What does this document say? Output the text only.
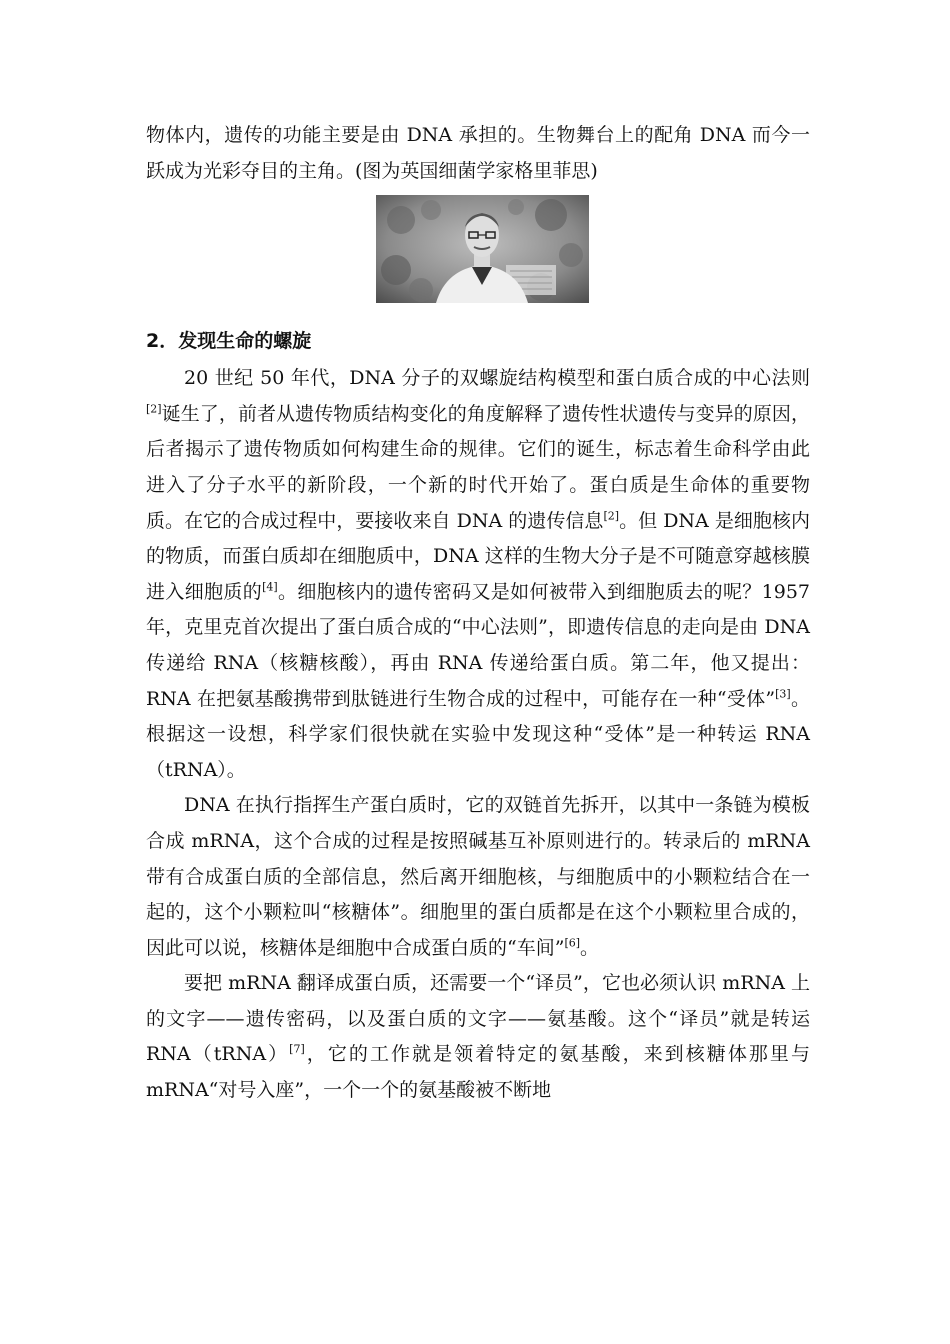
物体内，遗传的功能主要是由 DNA 承担的。生物舞台上的配角 DNA 而今一跃成为光彩夺目的主角。(图为英国细菌学家格里菲思)

2．发现生命的螺旋

20 世纪 50 年代，DNA 分子的双螺旋结构模型和蛋白质合成的中心法则[2]诞生了，前者从遗传物质结构变化的角度解释了遗传性状遗传与变异的原因，后者揭示了遗传物质如何构建生命的规律。它们的诞生，标志着生命科学由此进入了分子水平的新阶段，一个新的时代开始了。蛋白质是生命体的重要物质。在它的合成过程中，要接收来自 DNA 的遗传信息[2]。但 DNA 是细胞核内的物质，而蛋白质却在细胞质中，DNA 这样的生物大分子是不可随意穿越核膜进入细胞质的[4]。细胞核内的遗传密码又是如何被带入到细胞质去的呢？1957 年，克里克首次提出了蛋白质合成的“中心法则”，即遗传信息的走向是由 DNA 传递给 RNA（核糖核酸），再由 RNA 传递给蛋白质。第二年，他又提出：RNA 在把氨基酸携带到肽链进行生物合成的过程中，可能存在一种“受体”[3]。根据这一设想，科学家们很快就在实验中发现这种“受体”是一种转运 RNA（tRNA）。

DNA 在执行指挥生产蛋白质时，它的双链首先拆开，以其中一条链为模板合成 mRNA，这个合成的过程是按照碱基互补原则进行的。转录后的 mRNA 带有合成蛋白质的全部信息，然后离开细胞核，与细胞质中的小颗粒结合在一起的，这个小颗粒叫“核糖体”。细胞里的蛋白质都是在这个小颗粒里合成的，因此可以说，核糖体是细胞中合成蛋白质的“车间”[6]。

要把 mRNA 翻译成蛋白质，还需要一个“译员”，它也必须认识 mRNA 上的文字——遗传密码，以及蛋白质的文字——氨基酸。这个“译员”就是转运 RNA（tRNA）[7]，它的工作就是领着特定的氨基酸，来到核糖体那里与 mRNA“对号入座”，一个一个的氨基酸被不断地
